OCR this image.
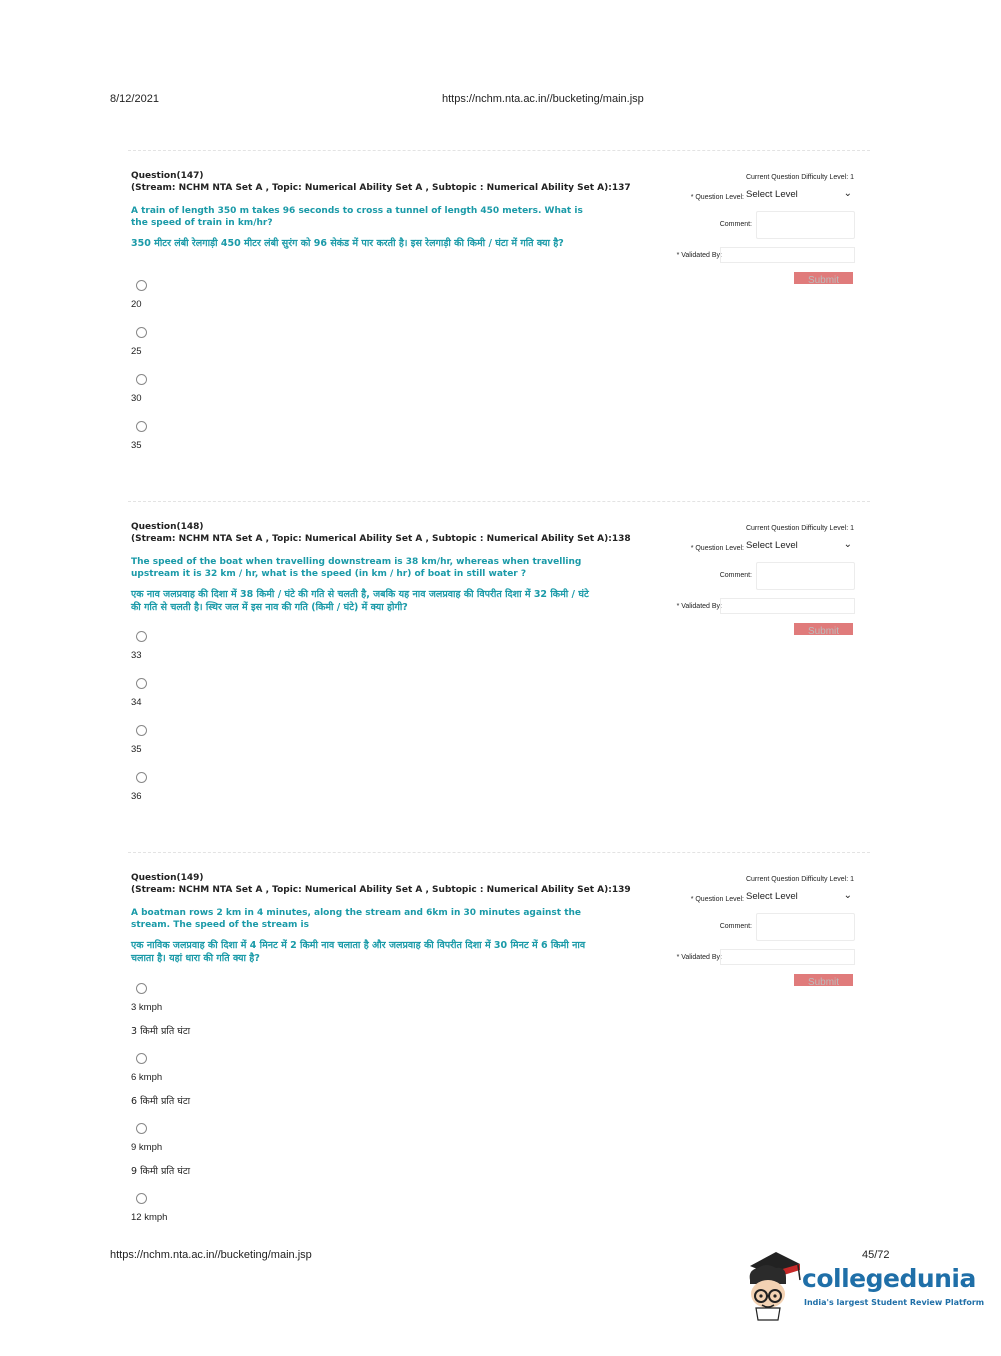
8/12/2021	https://nchm.nta.ac.in//bucketing/main.jsp
Question(147)
(Stream: NCHM NTA Set A , Topic: Numerical Ability Set A , Subtopic : Numerical Ability Set A):137
A train of length 350 m takes 96 seconds to cross a tunnel of length 450 meters. What is the speed of train in km/hr?
350 मीटर लंबी रेलगाड़ी 450 मीटर लंबी सुरंग को 96 सेकंड में पार करती है। इस रेलगाड़ी की किमी / घंटा में गति क्या है?
20
25
30
35
Current Question Difficulty Level: 1
* Question Level: Select Level	⌄
Comment:
* Validated By:
Submit
Question(148)
(Stream: NCHM NTA Set A , Topic: Numerical Ability Set A , Subtopic : Numerical Ability Set A):138
The speed of the boat when travelling downstream is 38 km/hr, whereas when travelling upstream it is 32 km / hr, what is the speed (in km / hr) of boat in still water ?
एक नाव जलप्रवाह की दिशा में 38 किमी / घंटे की गति से चलती है, जबकि यह नाव जलप्रवाह की विपरीत दिशा में 32 किमी / घंटे की गति से चलती है। स्थिर जल में इस नाव की गति (किमी / घंटे) में क्या होगी?
33
34
35
36
Current Question Difficulty Level: 1
* Question Level: Select Level	⌄
Comment:
* Validated By:
Submit
Question(149)
(Stream: NCHM NTA Set A , Topic: Numerical Ability Set A , Subtopic : Numerical Ability Set A):139
A boatman rows 2 km in 4 minutes, along the stream and 6km in 30 minutes against the stream. The speed of the stream is
एक नाविक जलप्रवाह की दिशा में 4 मिनट में 2 किमी नाव चलाता है और जलप्रवाह की विपरीत दिशा में 30 मिनट में 6 किमी नाव चलाता है। यहां धारा की गति क्या है?
3 kmph
3 किमी प्रति घंटा
6 kmph
6 किमी प्रति घंटा
9 kmph
9 किमी प्रति घंटा
12 kmph
Current Question Difficulty Level: 1
* Question Level: Select Level	⌄
Comment:
* Validated By:
Submit
https://nchm.nta.ac.in//bucketing/main.jsp	45/72
collegedunia
India's largest Student Review Platform
